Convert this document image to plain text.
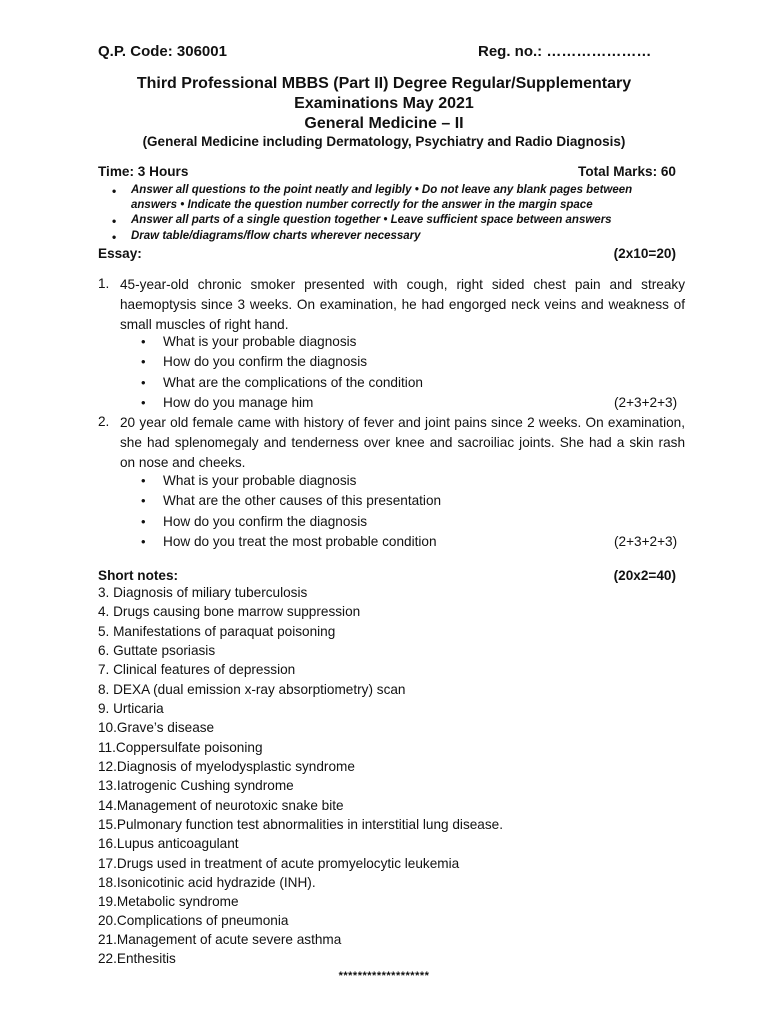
Q.P. Code: 306001	Reg. no.: …………………
Third Professional MBBS (Part II) Degree Regular/Supplementary
Examinations May 2021
General Medicine – II
(General Medicine including Dermatology, Psychiatry and Radio Diagnosis)
Time: 3 Hours	Total Marks: 60
• Answer all questions to the point neatly and legibly • Do not leave any blank pages between
answers • Indicate the question number correctly for the answer in the margin space
• Answer all parts of a single question together • Leave sufficient space between answers
• Draw table/diagrams/flow charts wherever necessary
Essay:	(2x10=20)
1. 45-year-old chronic smoker presented with cough, right sided chest pain and streaky haemoptysis since 3 weeks. On examination, he had engorged neck veins and weakness of small muscles of right hand.
• What is your probable diagnosis
• How do you confirm the diagnosis
• What are the complications of the condition
• How do you manage him	(2+3+2+3)
2. 20 year old female came with history of fever and joint pains since 2 weeks. On examination, she had splenomegaly and tenderness over knee and sacroiliac joints. She had a skin rash on nose and cheeks.
• What is your probable diagnosis
• What are the other causes of this presentation
• How do you confirm the diagnosis
• How do you treat the most probable condition	(2+3+2+3)
Short notes:	(20x2=40)
3. Diagnosis of miliary tuberculosis
4. Drugs causing bone marrow suppression
5. Manifestations of paraquat poisoning
6. Guttate psoriasis
7. Clinical features of depression
8. DEXA (dual emission x-ray absorptiometry) scan
9. Urticaria
10.Grave’s disease
11.Coppersulfate poisoning
12.Diagnosis of myelodysplastic syndrome
13.Iatrogenic Cushing syndrome
14.Management of neurotoxic snake bite
15.Pulmonary function test abnormalities in interstitial lung disease.
16.Lupus anticoagulant
17.Drugs used in treatment of acute promyelocytic leukemia
18.Isonicotinic acid hydrazide (INH).
19.Metabolic syndrome
20.Complications of pneumonia
21.Management of acute severe asthma
22.Enthesitis
*******************
